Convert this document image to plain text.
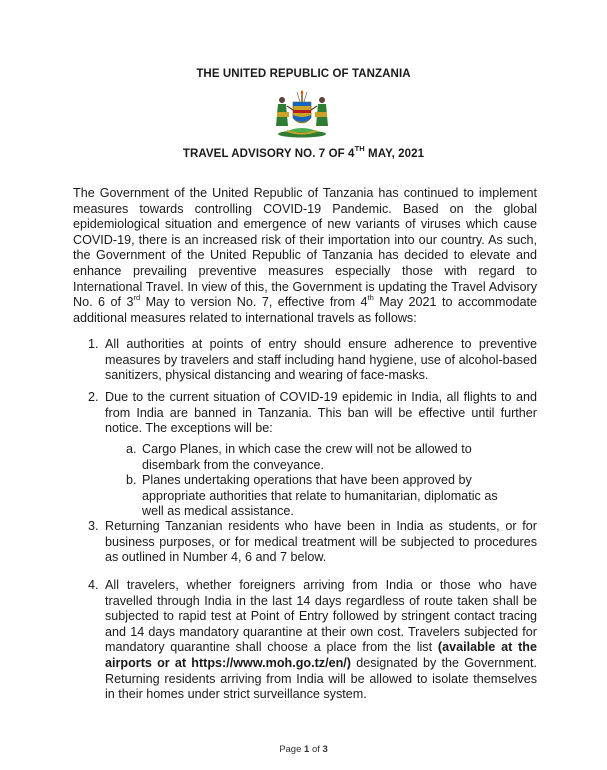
THE UNITED REPUBLIC OF TANZANIA
TRAVEL ADVISORY NO. 7 OF 4TH MAY, 2021
The Government of the United Republic of Tanzania has continued to implement measures towards controlling COVID-19 Pandemic. Based on the global epidemiological situation and emergence of new variants of viruses which cause COVID-19, there is an increased risk of their importation into our country. As such, the Government of the United Republic of Tanzania has decided to elevate and enhance prevailing preventive measures especially those with regard to International Travel. In view of this, the Government is updating the Travel Advisory No. 6 of 3rd May to version No. 7, effective from 4th May 2021 to accommodate additional measures related to international travels as follows:
1. All authorities at points of entry should ensure adherence to preventive measures by travelers and staff including hand hygiene, use of alcohol-based sanitizers, physical distancing and wearing of face-masks.
2. Due to the current situation of COVID-19 epidemic in India, all flights to and from India are banned in Tanzania. This ban will be effective until further notice. The exceptions will be:
a. Cargo Planes, in which case the crew will not be allowed to disembark from the conveyance.
b. Planes undertaking operations that have been approved by appropriate authorities that relate to humanitarian, diplomatic as well as medical assistance.
3. Returning Tanzanian residents who have been in India as students, or for business purposes, or for medical treatment will be subjected to procedures as outlined in Number 4, 6 and 7 below.
4. All travelers, whether foreigners arriving from India or those who have travelled through India in the last 14 days regardless of route taken shall be subjected to rapid test at Point of Entry followed by stringent contact tracing and 14 days mandatory quarantine at their own cost. Travelers subjected for mandatory quarantine shall choose a place from the list (available at the airports or at https://www.moh.go.tz/en/) designated by the Government. Returning residents arriving from India will be allowed to isolate themselves in their homes under strict surveillance system.
Page 1 of 3
